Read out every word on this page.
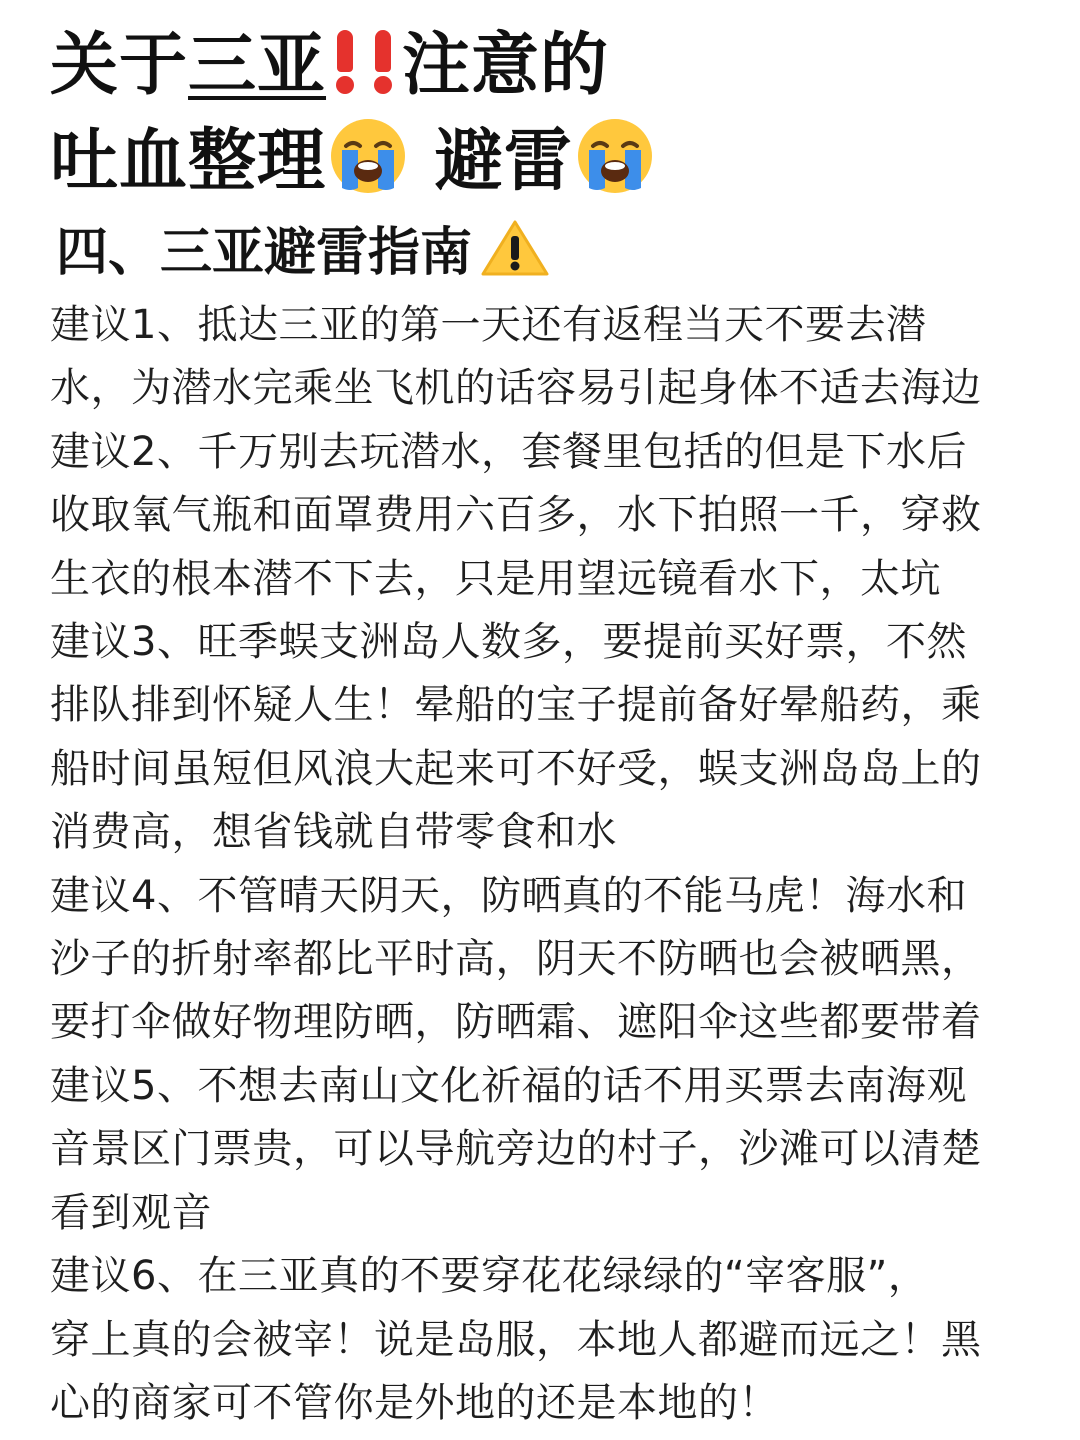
关于三亚 注意的
吐血整理
避雷
四、三亚避雷指南
建议1、抵达三亚的第一天还有返程当天不要去潜
水，为潜水完乘坐飞机的话容易引起身体不适去海边
建议2、千万别去玩潜水，套餐里包括的但是下水后
收取氧气瓶和面罩费用六百多，水下拍照一千，穿救
生衣的根本潜不下去，只是用望远镜看水下，太坑
建议3、旺季蜈支洲岛人数多，要提前买好票，不然
排队排到怀疑人生！晕船的宝子提前备好晕船药，乘
船时间虽短但风浪大起来可不好受，蜈支洲岛岛上的
消费高，想省钱就自带零食和水
建议4、不管晴天阴天，防晒真的不能马虎！海水和
沙子的折射率都比平时高，阴天不防晒也会被晒黑，
要打伞做好物理防晒，防晒霜、遮阳伞这些都要带着
建议5、不想去南山文化祈福的话不用买票去南海观
音景区门票贵，可以导航旁边的村子，沙滩可以清楚
看到观音
建议6、在三亚真的不要穿花花绿绿的“宰客服”，
穿上真的会被宰！说是岛服，本地人都避而远之！黑
心的商家可不管你是外地的还是本地的！
